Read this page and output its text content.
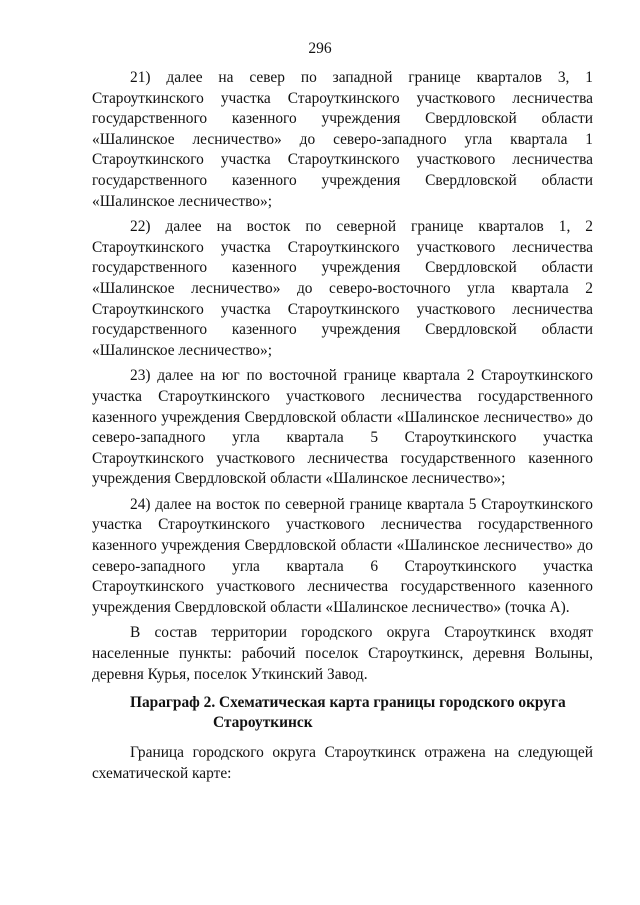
296

21) далее на север по западной границе кварталов 3, 1 Староуткинского участка Староуткинского участкового лесничества государственного казенного учреждения Свердловской области «Шалинское лесничество» до северо-западного угла квартала 1 Староуткинского участка Староуткинского участкового лесничества государственного казенного учреждения Свердловской области «Шалинское лесничество»;

22) далее на восток по северной границе кварталов 1, 2 Староуткинского участка Староуткинского участкового лесничества государственного казенного учреждения Свердловской области «Шалинское лесничество» до северо-восточного угла квартала 2 Староуткинского участка Староуткинского участкового лесничества государственного казенного учреждения Свердловской области «Шалинское лесничество»;

23) далее на юг по восточной границе квартала 2 Староуткинского участка Староуткинского участкового лесничества государственного казенного учреждения Свердловской области «Шалинское лесничество» до северо-западного угла квартала 5 Староуткинского участка Староуткинского участкового лесничества государственного казенного учреждения Свердловской области «Шалинское лесничество»;

24) далее на восток по северной границе квартала 5 Староуткинского участка Староуткинского участкового лесничества государственного казенного учреждения Свердловской области «Шалинское лесничество» до северо-западного угла квартала 6 Староуткинского участка Староуткинского участкового лесничества государственного казенного учреждения Свердловской области «Шалинское лесничество» (точка А).

В состав территории городского округа Староуткинск входят населенные пункты: рабочий поселок Староуткинск, деревня Волыны, деревня Курья, поселок Уткинский Завод.

Параграф 2. Схематическая карта границы городского округа
Староуткинск

Граница городского округа Староуткинск отражена на следующей схематической карте:
